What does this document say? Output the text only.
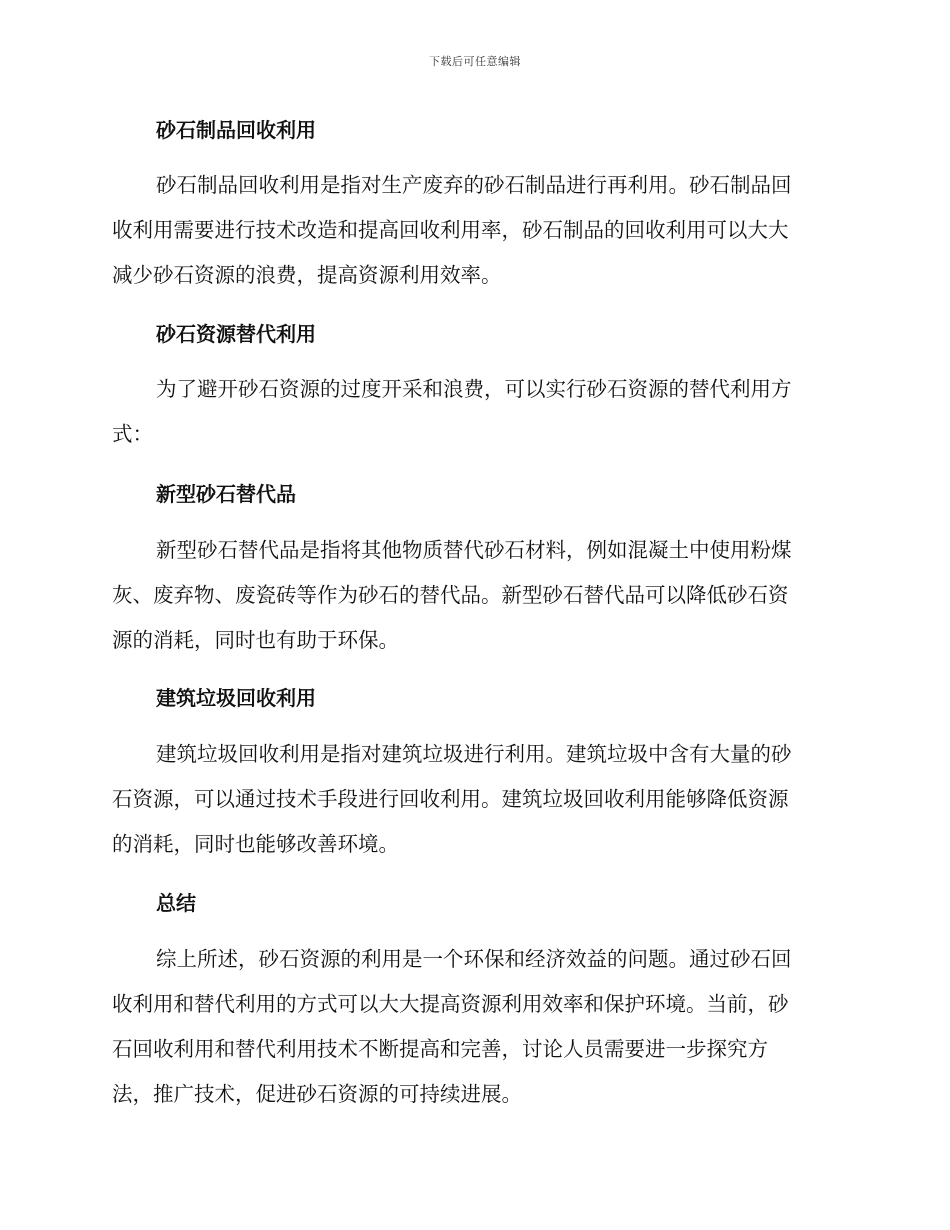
下载后可任意编辑
砂石制品回收利用
砂石制品回收利用是指对生产废弃的砂石制品进行再利用。砂石制品回
收利用需要进行技术改造和提高回收利用率，砂石制品的回收利用可以大大
减少砂石资源的浪费，提高资源利用效率。
砂石资源替代利用
为了避开砂石资源的过度开采和浪费，可以实行砂石资源的替代利用方
式：
新型砂石替代品
新型砂石替代品是指将其他物质替代砂石材料，例如混凝土中使用粉煤
灰、废弃物、废瓷砖等作为砂石的替代品。新型砂石替代品可以降低砂石资
源的消耗，同时也有助于环保。
建筑垃圾回收利用
建筑垃圾回收利用是指对建筑垃圾进行利用。建筑垃圾中含有大量的砂
石资源，可以通过技术手段进行回收利用。建筑垃圾回收利用能够降低资源
的消耗，同时也能够改善环境。
总结
综上所述，砂石资源的利用是一个环保和经济效益的问题。通过砂石回
收利用和替代利用的方式可以大大提高资源利用效率和保护环境。当前，砂
石回收利用和替代利用技术不断提高和完善，讨论人员需要进一步探究方
法，推广技术，促进砂石资源的可持续进展。
